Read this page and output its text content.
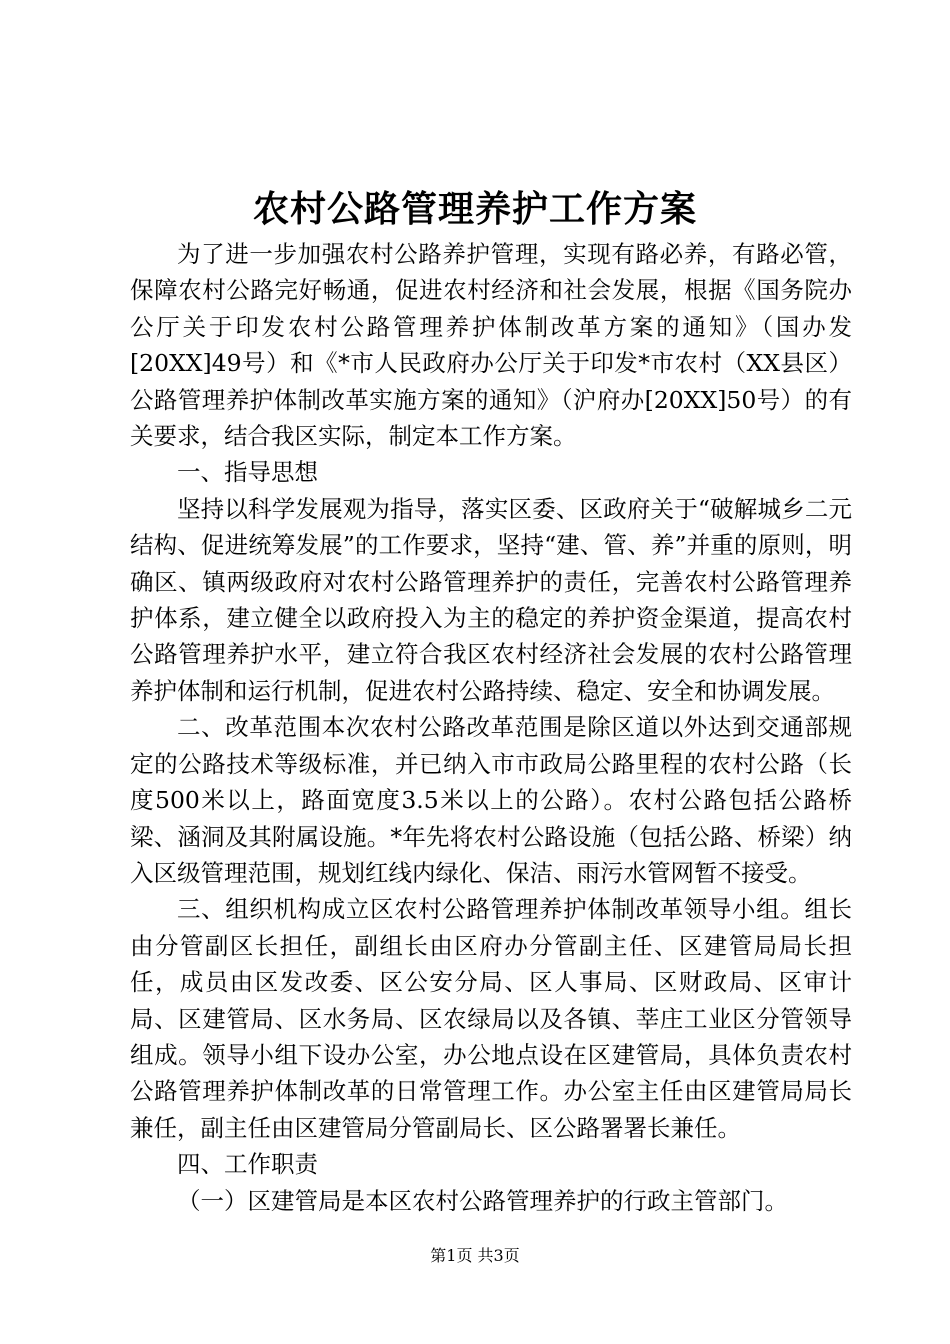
农村公路管理养护工作方案

为了进一步加强农村公路养护管理，实现有路必养，有路必管，保障农村公路完好畅通，促进农村经济和社会发展，根据《国务院办公厅关于印发农村公路管理养护体制改革方案的通知》（国办发[20XX]49号）和《*市人民政府办公厅关于印发*市农村（XX县区）公路管理养护体制改革实施方案的通知》（沪府办[20XX]50号）的有关要求，结合我区实际，制定本工作方案。

一、指导思想

坚持以科学发展观为指导，落实区委、区政府关于“破解城乡二元结构、促进统筹发展”的工作要求，坚持“建、管、养”并重的原则，明确区、镇两级政府对农村公路管理养护的责任，完善农村公路管理养护体系，建立健全以政府投入为主的稳定的养护资金渠道，提高农村公路管理养护水平，建立符合我区农村经济社会发展的农村公路管理养护体制和运行机制，促进农村公路持续、稳定、安全和协调发展。

二、改革范围本次农村公路改革范围是除区道以外达到交通部规定的公路技术等级标准，并已纳入市市政局公路里程的农村公路（长度500米以上，路面宽度3.5米以上的公路）。农村公路包括公路桥梁、涵洞及其附属设施。*年先将农村公路设施（包括公路、桥梁）纳入区级管理范围，规划红线内绿化、保洁、雨污水管网暂不接受。

三、组织机构成立区农村公路管理养护体制改革领导小组。组长由分管副区长担任，副组长由区府办分管副主任、区建管局局长担任，成员由区发改委、区公安分局、区人事局、区财政局、区审计局、区建管局、区水务局、区农绿局以及各镇、莘庄工业区分管领导组成。领导小组下设办公室，办公地点设在区建管局，具体负责农村公路管理养护体制改革的日常管理工作。办公室主任由区建管局局长兼任，副主任由区建管局分管副局长、区公路署署长兼任。

四、工作职责

（一）区建管局是本区农村公路管理养护的行政主管部门。

第1页 共3页
